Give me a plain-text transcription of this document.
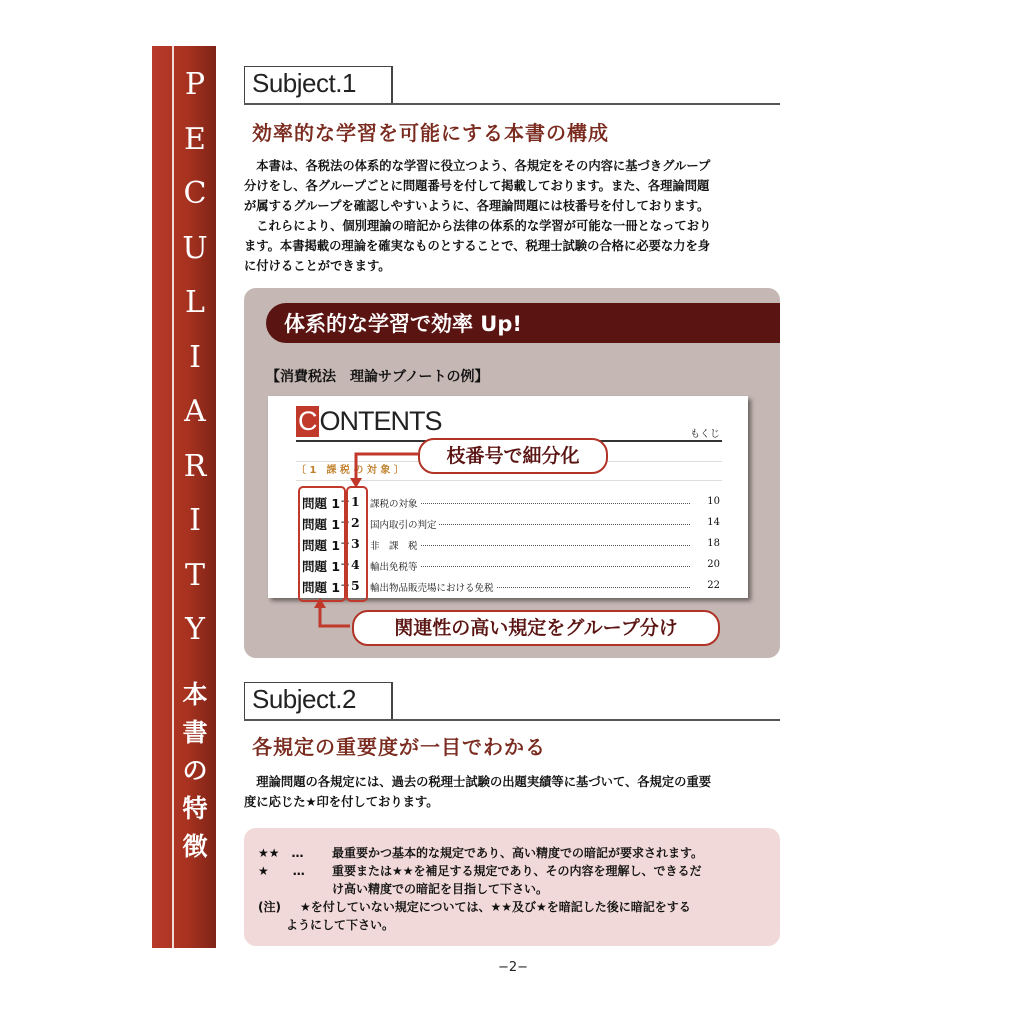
P
E
C
U
L
I
A
R
I
T
Y
本
書
の
特
徴
Subject.1
効率的な学習を可能にする本書の構成
　本書は、各税法の体系的な学習に役立つよう、各規定をその内容に基づきグループ
分けをし、各グループごとに問題番号を付して掲載しております。また、各理論問題
が属するグループを確認しやすいように、各理論問題には枝番号を付しております。
　これらにより、個別理論の暗記から法律の体系的な学習が可能な一冊となっており
ます。本書掲載の理論を確実なものとすることで、税理士試験の合格に必要な力を身
に付けることができます。
体系的な学習で効率 Up!
【消費税法　理論サブノートの例】
C ONTENTS	もくじ
〔 1　課 税 の 対 象 〕
問題 1 − 1 課税の対象	10
問題 1 − 2 国内取引の判定	14
問題 1 − 3 非　課　税	18
問題 1 − 4 輸出免税等	20
問題 1 − 5 輸出物品販売場における免税	22
枝番号で細分化
関連性の高い規定をグループ分け
Subject.2
各規定の重要度が一目でわかる
　理論問題の各規定には、過去の税理士試験の出題実績等に基づいて、各規定の重要
度に応じた★印を付しております。
★★　… 最重要かつ基本的な規定であり、高い精度での暗記が要求されます。
★　　… 重要または★★を補足する規定であり、その内容を理解し、できるだ
け高い精度での暗記を目指して下さい。
(注) ★を付していない規定については、★★及び★を暗記した後に暗記をする
ようにして下さい。
−2−
